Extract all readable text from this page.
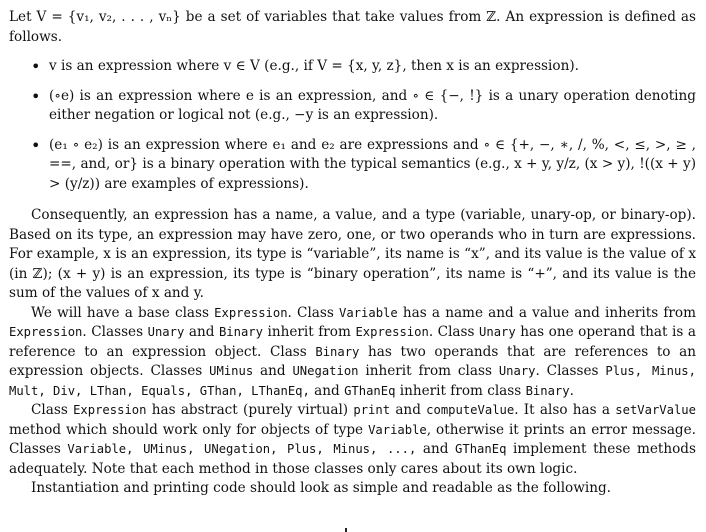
Let V = {v₁, v₂, . . . , vₙ} be a set of variables that take values from ℤ. An expression is defined as follows.

• v is an expression where v ∈ V (e.g., if V = {x, y, z}, then x is an expression).
• (∘e) is an expression where e is an expression, and ∘ ∈ {−, !} is a unary operation denoting either negation or logical not (e.g., −y is an expression).
• (e₁ ∘ e₂) is an expression where e₁ and e₂ are expressions and ∘ ∈ {+, −, ∗, /, %, <, ≤, >, ≥ , ==, and, or} is a binary operation with the typical semantics (e.g., x + y, y/z, (x > y), !((x + y) > (y/z)) are examples of expressions).

Consequently, an expression has a name, a value, and a type (variable, unary-op, or binary-op). Based on its type, an expression may have zero, one, or two operands who in turn are expressions. For example, x is an expression, its type is “variable”, its name is “x”, and its value is the value of x (in ℤ); (x + y) is an expression, its type is “binary operation”, its name is “+”, and its value is the sum of the values of x and y.

We will have a base class Expression. Class Variable has a name and a value and inherits from Expression. Classes Unary and Binary inherit from Expression. Class Unary has one operand that is a reference to an expression object. Class Binary has two operands that are references to an expression objects. Classes UMinus and UNegation inherit from class Unary. Classes Plus, Minus, Mult, Div, LThan, Equals, GThan, LThanEq, and GThanEq inherit from class Binary.

Class Expression has abstract (purely virtual) print and computeValue. It also has a setVarValue method which should work only for objects of type Variable, otherwise it prints an error message. Classes Variable, UMinus, UNegation, Plus, Minus, ..., and GThanEq implement these methods adequately. Note that each method in those classes only cares about its own logic.

Instantiation and printing code should look as simple and readable as the following.
